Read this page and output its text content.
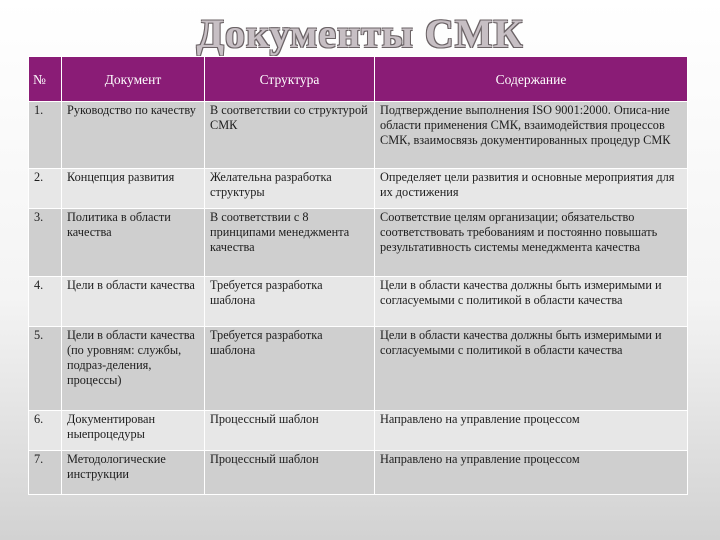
Документы СМК
№	Документ	Структура	Содержание
1.	Руководство по качеству	В соответствии со структурой СМК	Подтверждение выполнения ISO 9001:2000. Описа-ние области применения СМК, взаимодействия процессов СМК, взаимосвязь документированных процедур СМК
2.	Концепция развития	Желательна разработка структуры	Определяет цели развития и основные мероприятия для их достижения
3.	Политика в области качества	В соответствии с 8 принципами менеджмента качества	Соответствие целям организации; обязательство соответствовать требованиям и постоянно повышать результативность системы менеджмента качества
4.	Цели в области качества	Требуется разработка шаблона	Цели в области качества должны быть измеримыми и согласуемыми с политикой в области качества
5.	Цели в области качества (по уровням: службы, подраз-деления, процессы)	Требуется разработка шаблона	Цели в области качества должны быть измеримыми и согласуемыми с политикой в области качества
6.	Документирован ныепроцедуры	Процессный шаблон	Направлено на управление процессом
7.	Методологические инструкции	Процессный шаблон	Направлено на управление процессом
